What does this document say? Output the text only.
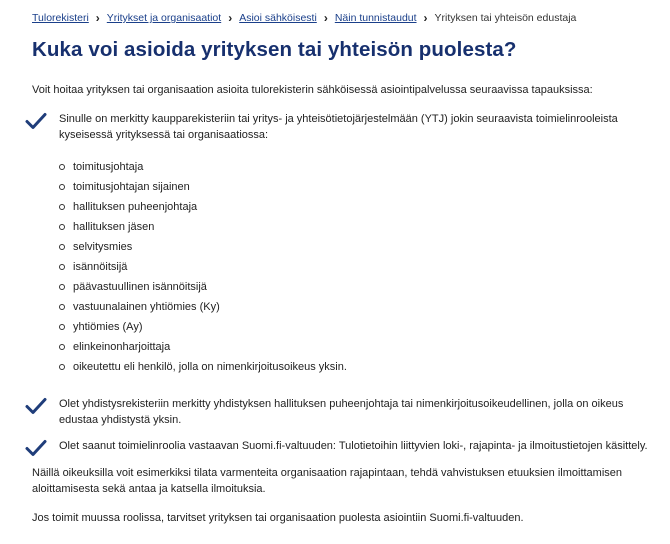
Tulorekisteri › Yritykset ja organisaatiot › Asioi sähköisesti › Näin tunnistaudut › Yrityksen tai yhteisön edustaja
Kuka voi asioida yrityksen tai yhteisön puolesta?

Voit hoitaa yrityksen tai organisaation asioita tulorekisterin sähköisessä asiointipalvelussa seuraavissa tapauksissa:

Sinulle on merkitty kaupparekisteriin tai yritys- ja yhteisötietojärjestelmään (YTJ) jokin seuraavista toimielinrooleista kyseisessä yrityksessä tai organisaatiossa:

toimitusjohtaja
toimitusjohtajan sijainen
hallituksen puheenjohtaja
hallituksen jäsen
selvitysmies
isännöitsijä
päävastuullinen isännöitsijä
vastuunalainen yhtiömies (Ky)
yhtiömies (Ay)
elinkeinonharjoittaja
oikeutettu eli henkilö, jolla on nimenkirjoitusoikeus yksin.

Olet yhdistysrekisteriin merkitty yhdistyksen hallituksen puheenjohtaja tai nimenkirjoitusoikeudellinen, jolla on oikeus edustaa yhdistystä yksin.

Olet saanut toimielinroolia vastaavan Suomi.fi-valtuuden: Tulotietoihin liittyvien loki-, rajapinta- ja ilmoitustietojen käsittely.

Näillä oikeuksilla voit esimerkiksi tilata varmenteita organisaation rajapintaan, tehdä vahvistuksen etuuksien ilmoittamisen aloittamisesta sekä antaa ja katsella ilmoituksia.

Jos toimit muussa roolissa, tarvitset yrityksen tai organisaation puolesta asiointiin Suomi.fi-valtuuden.
